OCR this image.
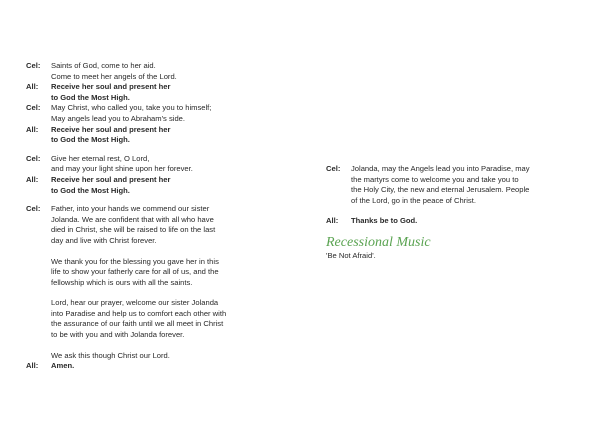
Cel:	Saints of God, come to her aid.
Come to meet her angels of the Lord.
All:	Receive her soul and present her
to God the Most High.
Cel:	May Christ, who called you, take you to himself;
May angels lead you to Abraham's side.
All:	Receive her soul and present her
to God the Most High.
Cel:	Give her eternal rest, O Lord,
and may your light shine upon her forever.
All:	Receive her soul and present her
to God the Most High.
Cel:	Father, into your hands we commend our sister
Jolanda. We are confident that with all who have
died in Christ, she will be raised to life on the last
day and live with Christ forever.
We thank you for the blessing you gave her in this
life to show your fatherly care for all of us, and the
fellowship which is ours with all the saints.
Lord, hear our prayer, welcome our sister Jolanda
into Paradise and help us to comfort each other with
the assurance of our faith until we all meet in Christ
to be with you and with Jolanda forever.
We ask this though Christ our Lord.
All:	Amen.
Cel:	Jolanda, may the Angels lead you into Paradise, may
the martyrs come to welcome you and take you to
the Holy City, the new and eternal Jerusalem. People
of the Lord, go in the peace of Christ.
All:	Thanks be to God.
Recessional Music
'Be Not Afraid'.
